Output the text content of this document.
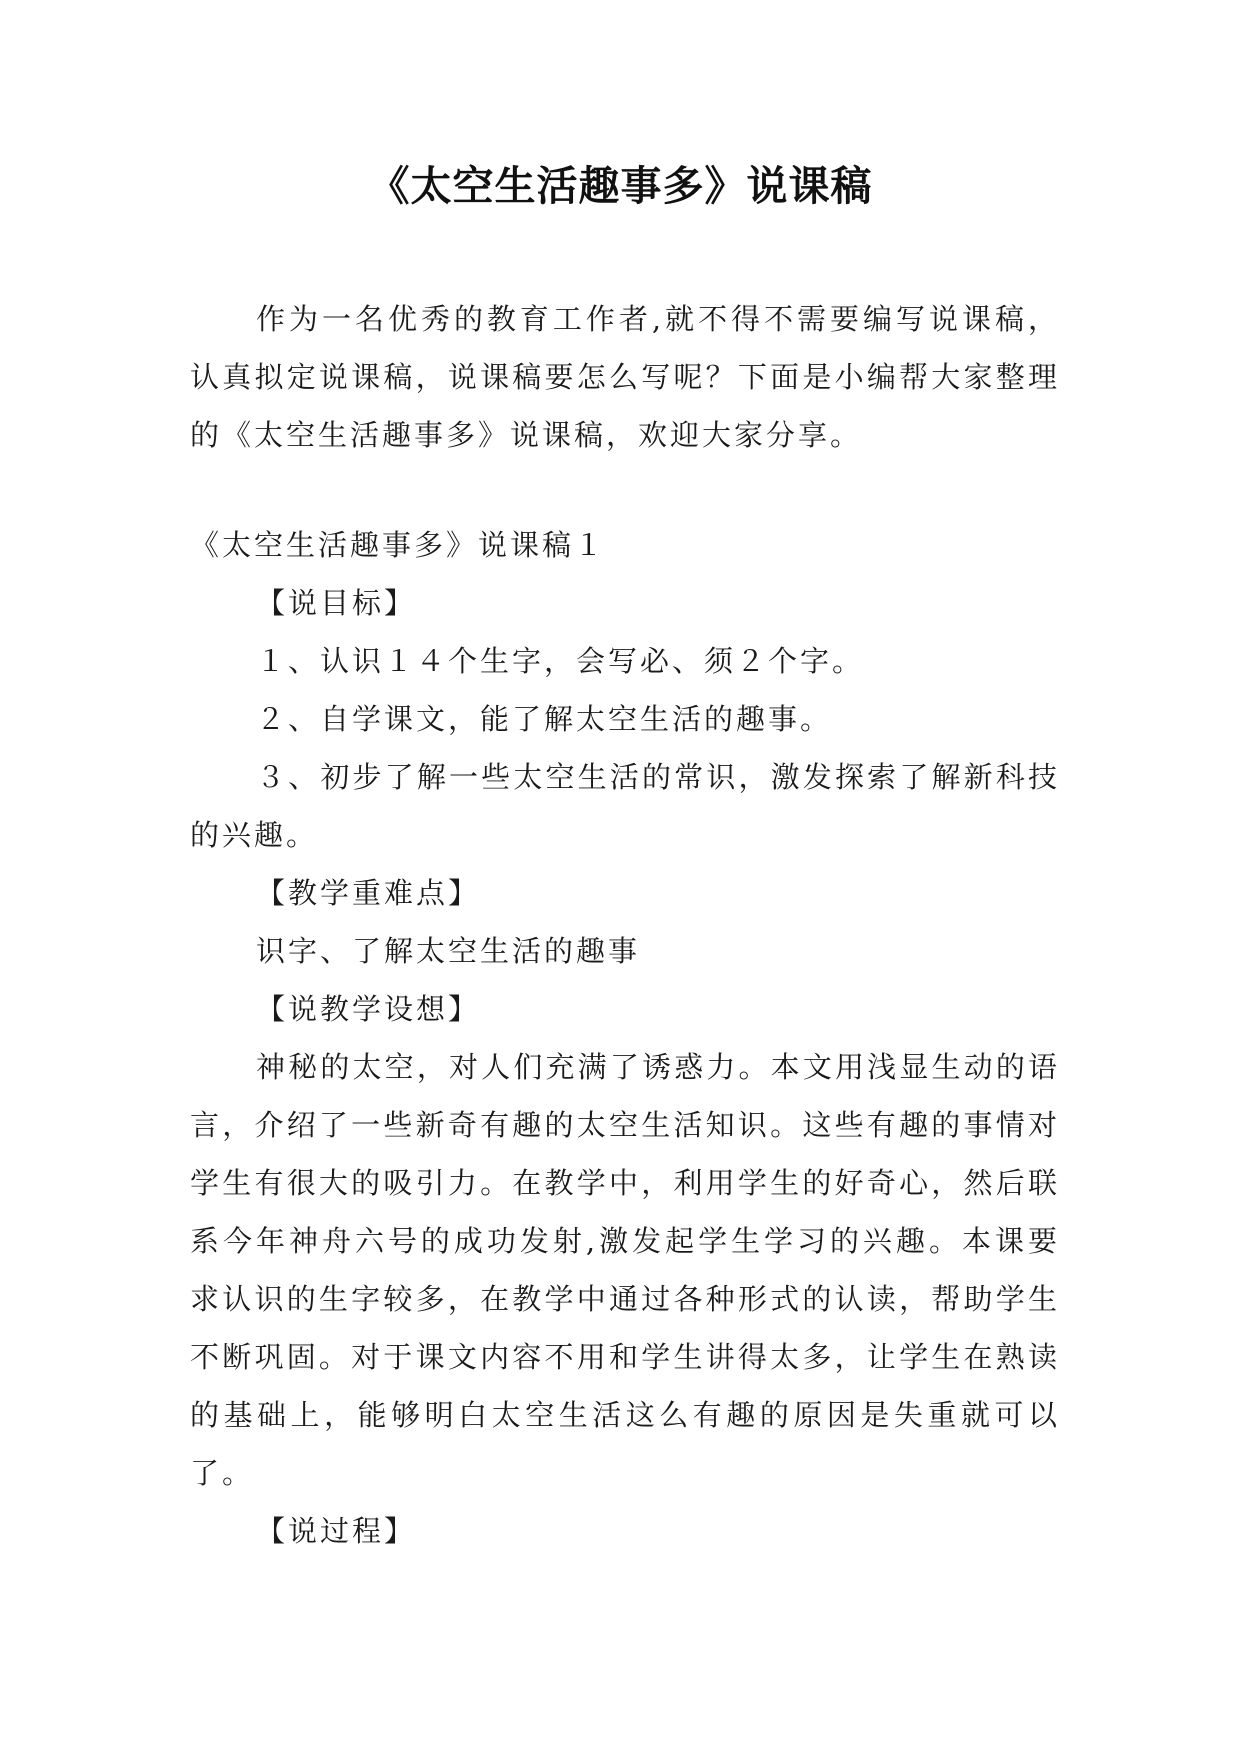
《太空生活趣事多》说课稿

作为一名优秀的教育工作者,就不得不需要编写说课稿，认真拟定说课稿，说课稿要怎么写呢？下面是小编帮大家整理的《太空生活趣事多》说课稿，欢迎大家分享。

《太空生活趣事多》说课稿１

【说目标】

１、认识１４个生字，会写必、须２个字。

２、自学课文，能了解太空生活的趣事。

３、初步了解一些太空生活的常识，激发探索了解新科技的兴趣。

【教学重难点】

识字、了解太空生活的趣事

【说教学设想】

神秘的太空，对人们充满了诱惑力。本文用浅显生动的语言，介绍了一些新奇有趣的太空生活知识。这些有趣的事情对学生有很大的吸引力。在教学中，利用学生的好奇心，然后联系今年神舟六号的成功发射,激发起学生学习的兴趣。本课要求认识的生字较多，在教学中通过各种形式的认读，帮助学生不断巩固。对于课文内容不用和学生讲得太多，让学生在熟读的基础上，能够明白太空生活这么有趣的原因是失重就可以了。

【说过程】
